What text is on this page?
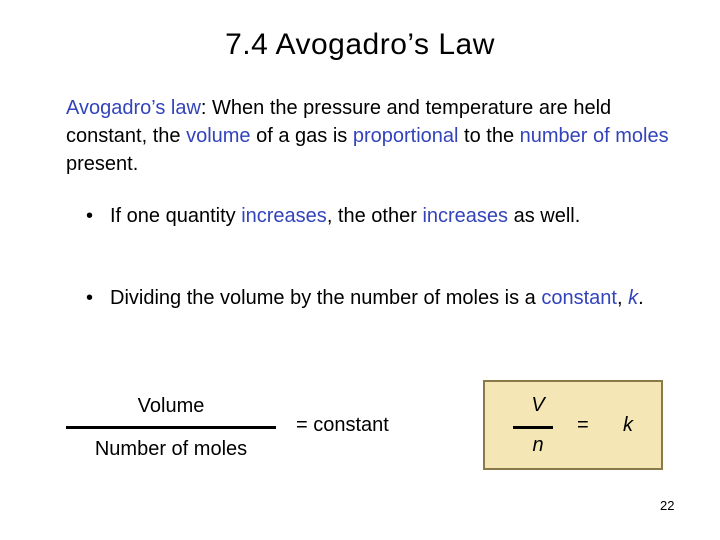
7.4 Avogadro’s Law
Avogadro’s law: When the pressure and temperature are held constant, the volume of a gas is proportional to the number of moles present.
• If one quantity increases, the other increases as well.
• Dividing the volume by the number of moles is a constant, k.
Volume
Number of moles
= constant
V
n
= k
22
